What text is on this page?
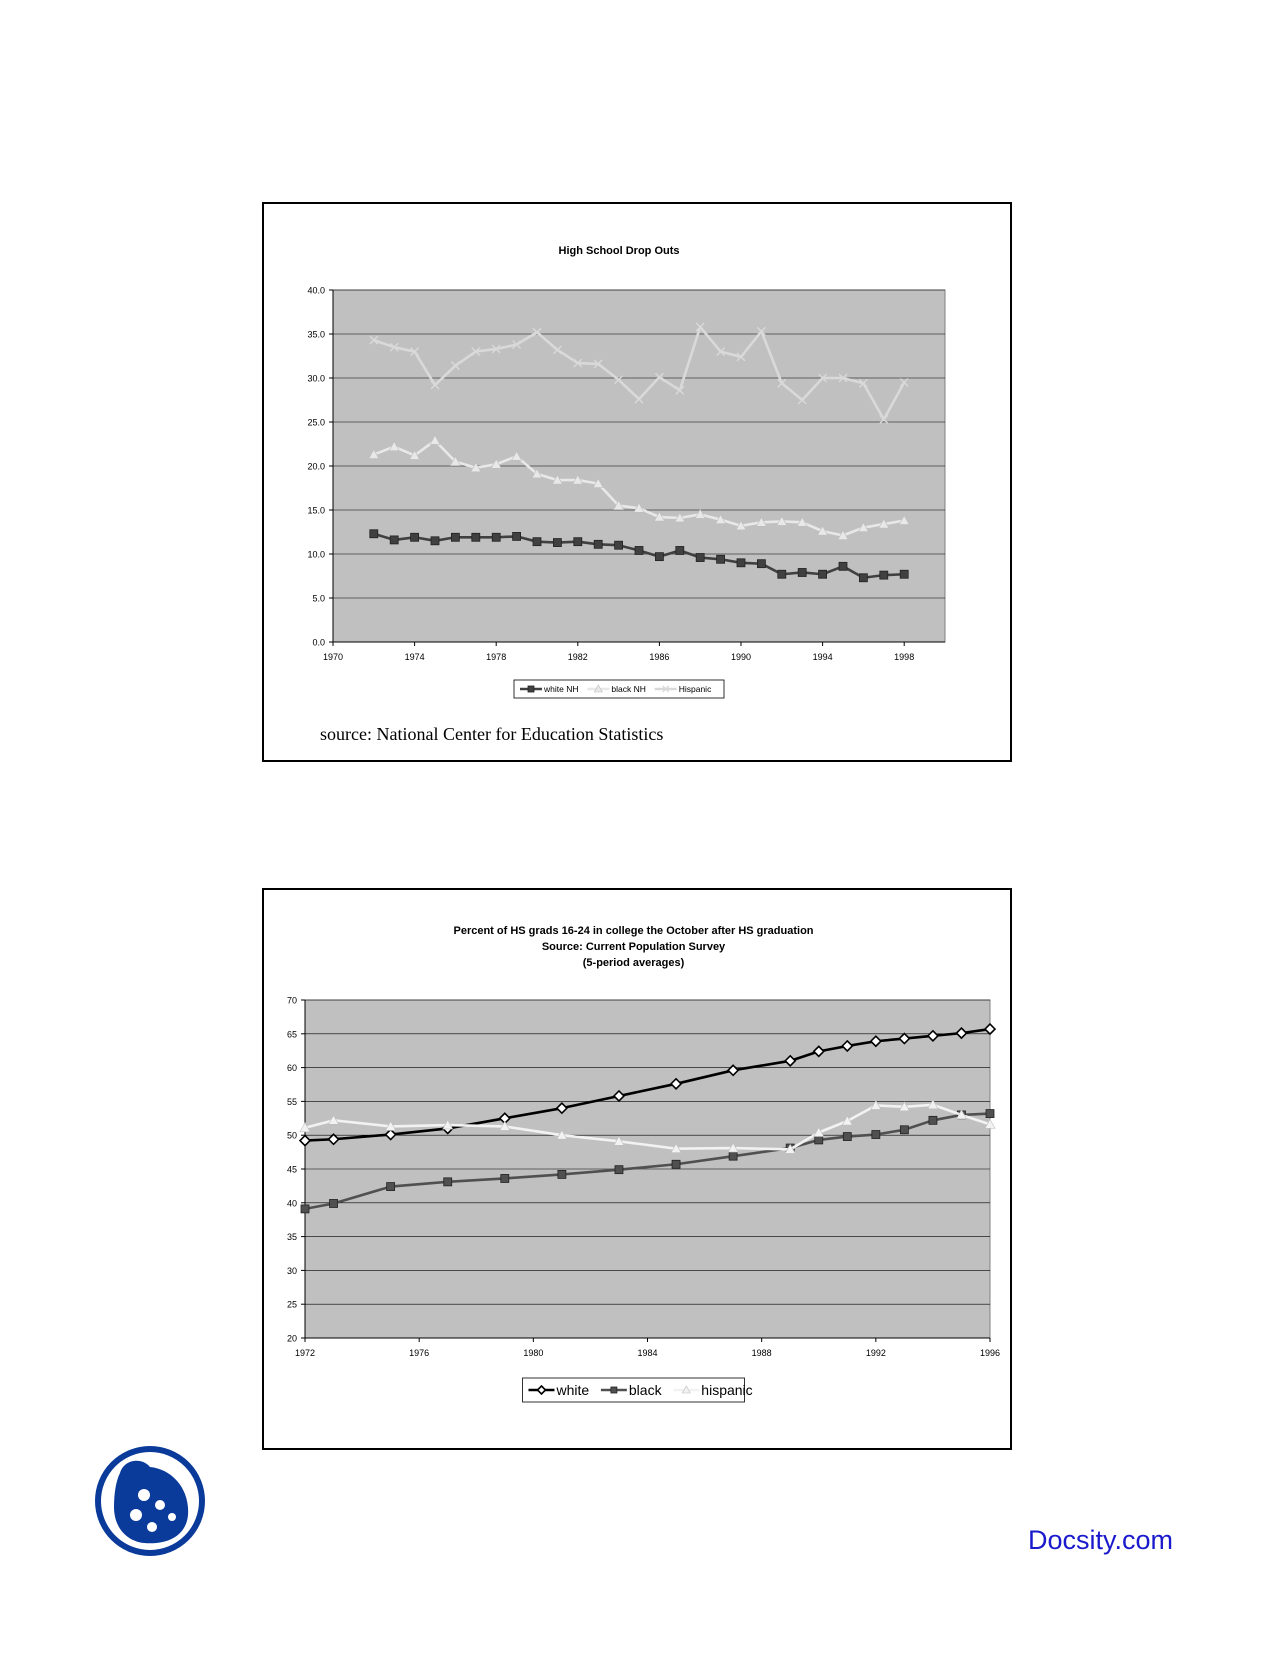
High School Drop Outs
0.0
5.0
10.0
15.0
20.0
25.0
30.0
35.0
40.0
1970	1974	1978	1982	1986	1990	1994	1998
white NH	black NH	Hispanic
source: National Center for Education Statistics
Percent of HS grads 16-24 in college the October after HS graduation
Source: Current Population Survey
(5-period averages)
20
25
30
35
40
45
50
55
60
65
70
1972	1976	1980	1984	1988	1992	1996
white	black	hispanic
Docsity.com
